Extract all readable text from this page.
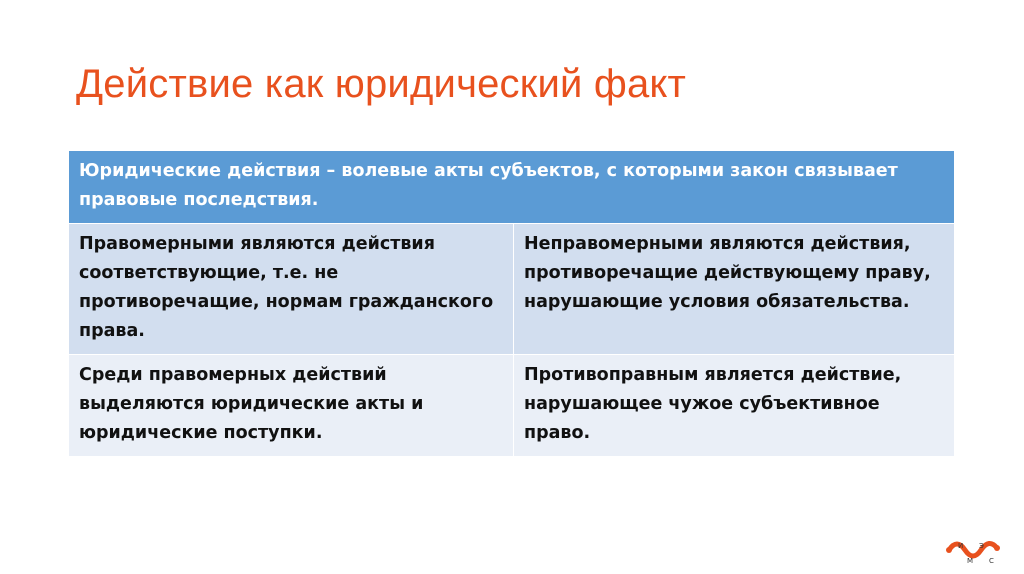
Действие как юридический факт
Юридические действия – волевые акты субъектов, с которыми закон связывает правовые последствия.	
Правомерными являются действия соответствующие, т.е. не противоречащие, нормам гражданского права.	Неправомерными являются действия, противоречащие действующему праву, нарушающие условия обязательства.
Среди правомерных действий выделяются юридические акты и юридические поступки.	Противоправным является действие, нарушающее чужое субъективное право.
И
М
Э
С
